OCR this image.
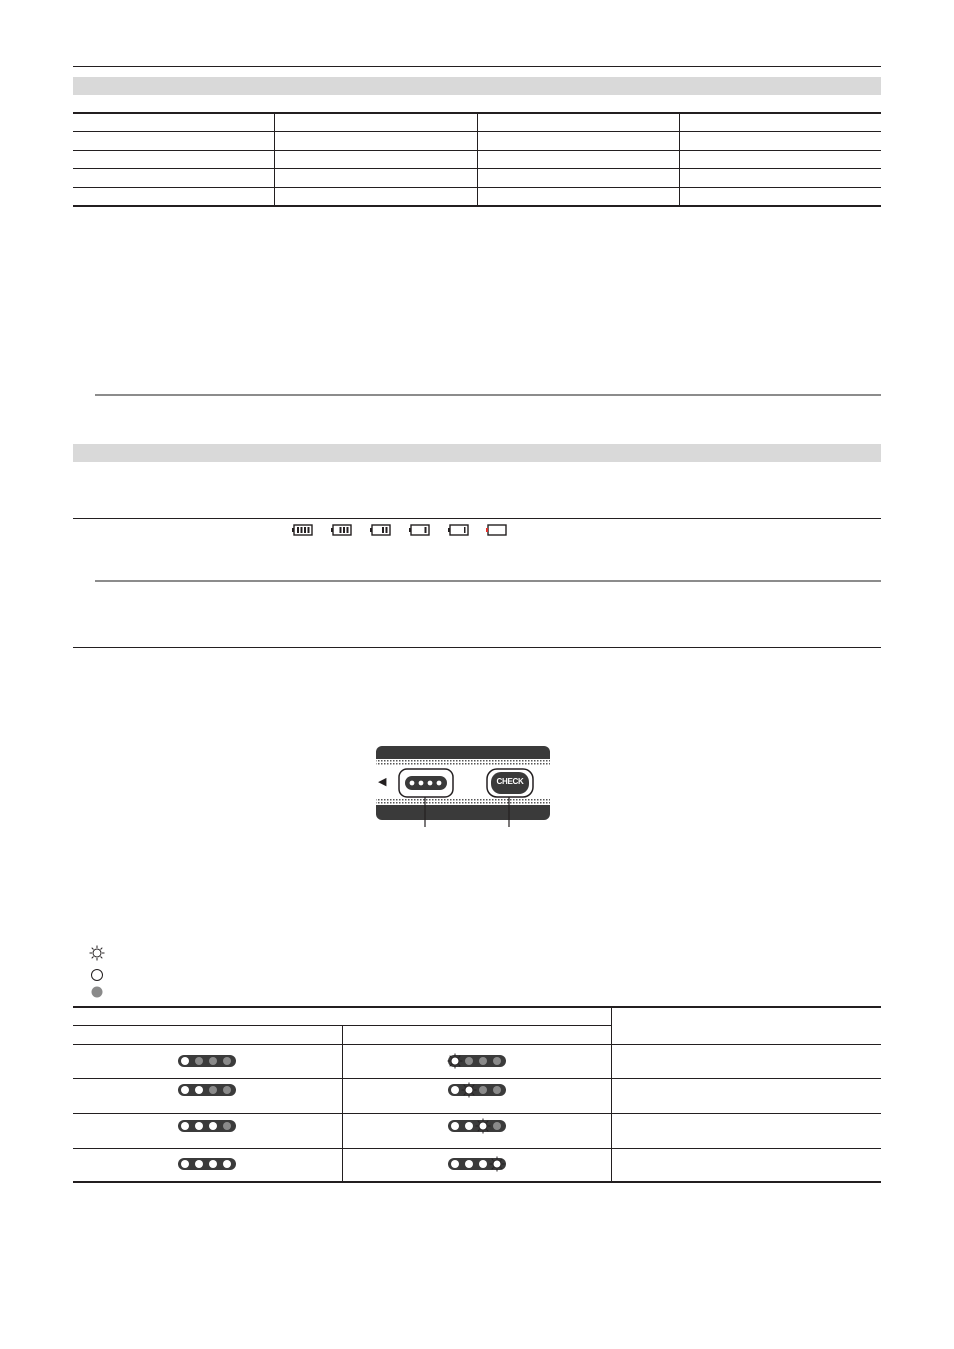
◀	CHECK
